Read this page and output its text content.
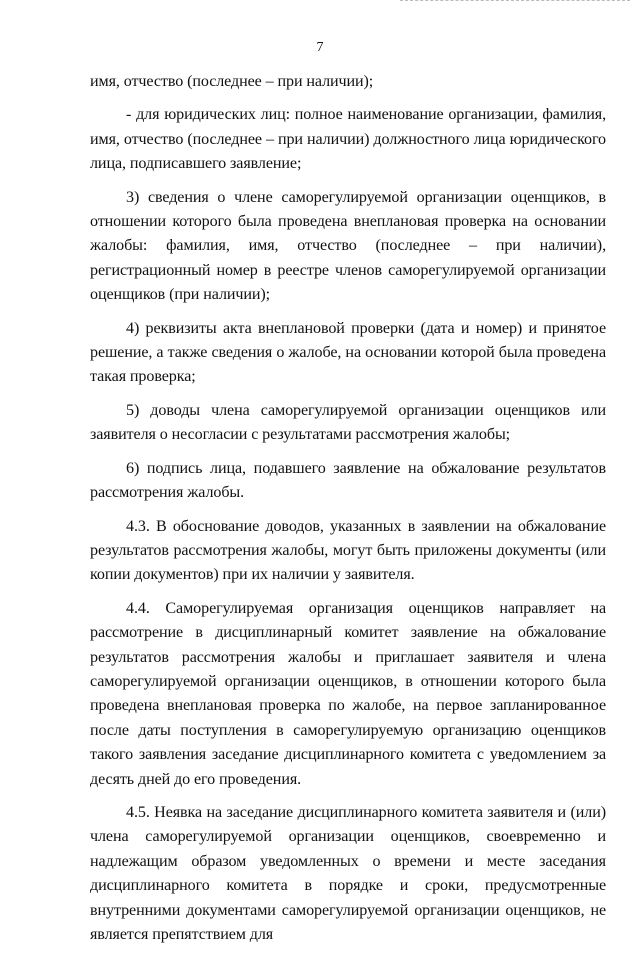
7

имя, отчество (последнее – при наличии);

- для юридических лиц: полное наименование организации, фамилия, имя, отчество (последнее – при наличии) должностного лица юридического лица, подписавшего заявление;

3) сведения о члене саморегулируемой организации оценщиков, в отношении которого была проведена внеплановая проверка на основании жалобы: фамилия, имя, отчество (последнее – при наличии), регистрационный номер в реестре членов саморегулируемой организации оценщиков (при наличии);

4) реквизиты акта внеплановой проверки (дата и номер) и принятое решение, а также сведения о жалобе, на основании которой была проведена такая проверка;

5) доводы члена саморегулируемой организации оценщиков или заявителя о несогласии с результатами рассмотрения жалобы;

6) подпись лица, подавшего заявление на обжалование результатов рассмотрения жалобы.

4.3. В обоснование доводов, указанных в заявлении на обжалование результатов рассмотрения жалобы, могут быть приложены документы (или копии документов) при их наличии у заявителя.

4.4. Саморегулируемая организация оценщиков направляет на рассмотрение в дисциплинарный комитет заявление на обжалование результатов рассмотрения жалобы и приглашает заявителя и члена саморегулируемой организации оценщиков, в отношении которого была проведена внеплановая проверка по жалобе, на первое запланированное после даты поступления в саморегулируемую организацию оценщиков такого заявления заседание дисциплинарного комитета с уведомлением за десять дней до его проведения.

4.5. Неявка на заседание дисциплинарного комитета заявителя и (или) члена саморегулируемой организации оценщиков, своевременно и надлежащим образом уведомленных о времени и месте заседания дисциплинарного комитета в порядке и сроки, предусмотренные внутренними документами саморегулируемой организации оценщиков, не является препятствием для
